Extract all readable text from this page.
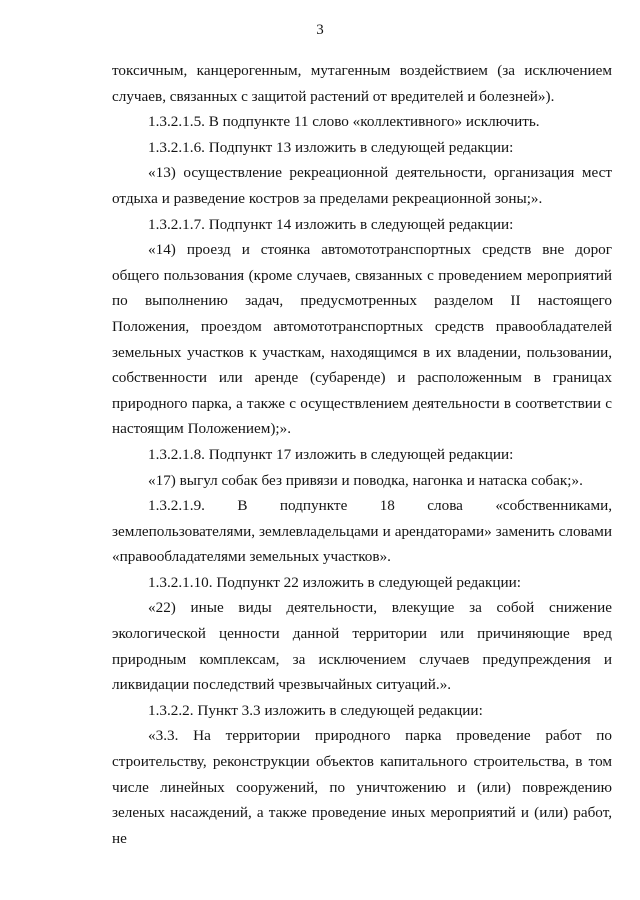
3

токсичным, канцерогенным, мутагенным воздействием (за исключением случаев, связанных с защитой растений от вредителей и болезней»).

1.3.2.1.5. В подпункте 11 слово «коллективного» исключить.

1.3.2.1.6. Подпункт 13 изложить в следующей редакции:

«13) осуществление рекреационной деятельности, организация мест отдыха и разведение костров за пределами рекреационной зоны;».

1.3.2.1.7. Подпункт 14 изложить в следующей редакции:

«14) проезд и стоянка автомототранспортных средств вне дорог общего пользования (кроме случаев, связанных с проведением мероприятий по выполнению задач, предусмотренных разделом II настоящего Положения, проездом автомототранспортных средств правообладателей земельных участков к участкам, находящимся в их владении, пользовании, собственности или аренде (субаренде) и расположенным в границах природного парка, а также с осуществлением деятельности в соответствии с настоящим Положением);».

1.3.2.1.8. Подпункт 17 изложить в следующей редакции:

«17) выгул собак без привязи и поводка, нагонка и натаска собак;».

1.3.2.1.9. В подпункте 18 слова «собственниками, землепользователями, землевладельцами и арендаторами» заменить словами «правообладателями земельных участков».

1.3.2.1.10. Подпункт 22 изложить в следующей редакции:

«22) иные виды деятельности, влекущие за собой снижение экологической ценности данной территории или причиняющие вред природным комплексам, за исключением случаев предупреждения и ликвидации последствий чрезвычайных ситуаций.».

1.3.2.2. Пункт 3.3 изложить в следующей редакции:

«3.3. На территории природного парка проведение работ по строительству, реконструкции объектов капитального строительства, в том числе линейных сооружений, по уничтожению и (или) повреждению зеленых насаждений, а также проведение иных мероприятий и (или) работ, не
